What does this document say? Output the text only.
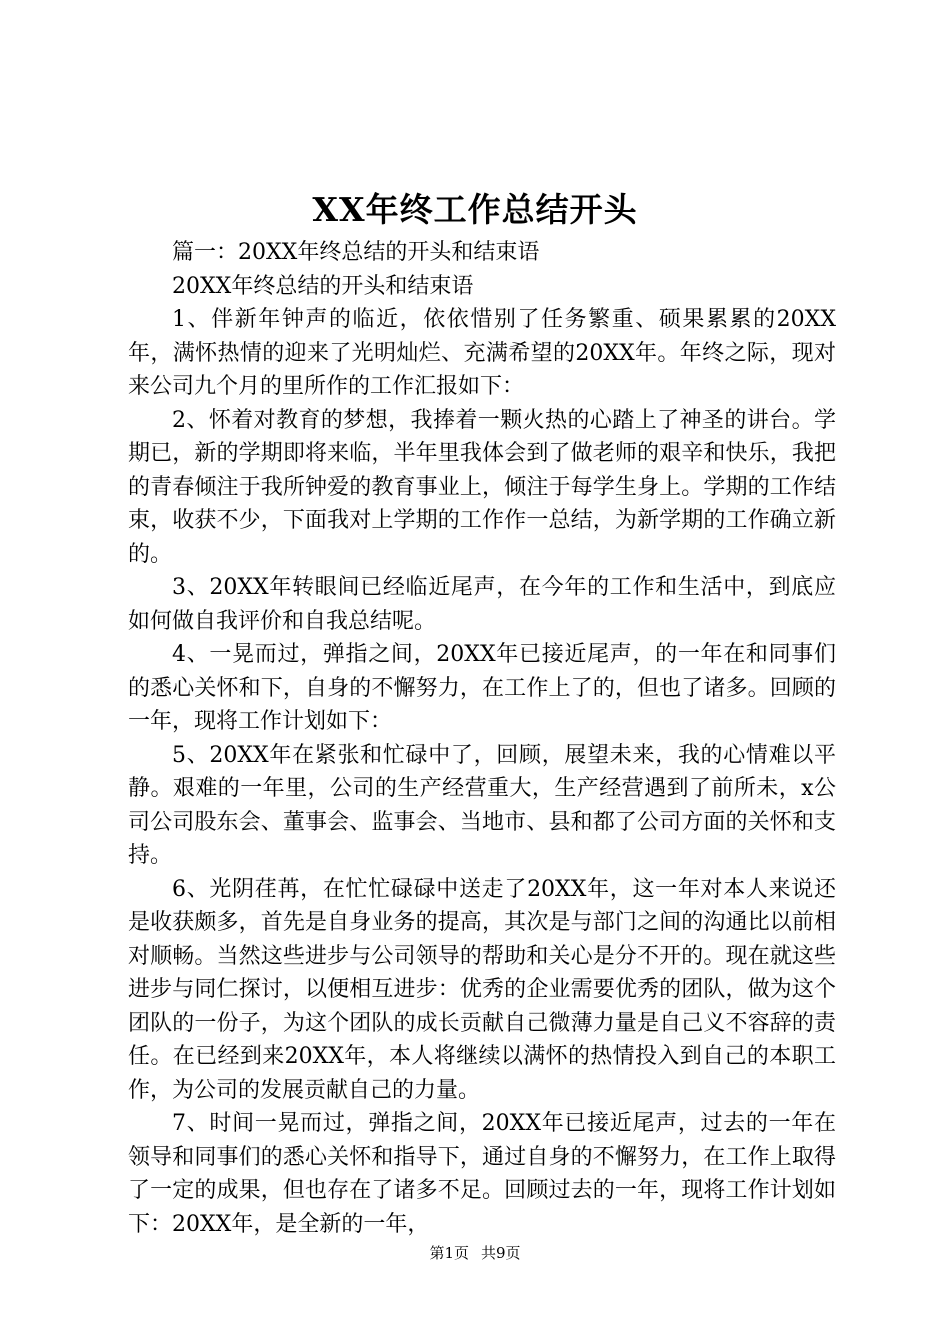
XX年终工作总结开头

篇一：20XX年终总结的开头和结束语

20XX年终总结的开头和结束语

1、伴新年钟声的临近，依依惜别了任务繁重、硕果累累的20XX年，满怀热情的迎来了光明灿烂、充满希望的20XX年。年终之际，现对来公司九个月的里所作的工作汇报如下：

2、怀着对教育的梦想，我捧着一颗火热的心踏上了神圣的讲台。学期已，新的学期即将来临，半年里我体会到了做老师的艰辛和快乐，我把的青春倾注于我所钟爱的教育事业上，倾注于每学生身上。学期的工作结束，收获不少，下面我对上学期的工作作一总结，为新学期的工作确立新的。

3、20XX年转眼间已经临近尾声，在今年的工作和生活中，到底应如何做自我评价和自我总结呢。

4、一晃而过，弹指之间，20XX年已接近尾声，的一年在和同事们的悉心关怀和下，自身的不懈努力，在工作上了的，但也了诸多。回顾的一年，现将工作计划如下：

5、20XX年在紧张和忙碌中了，回顾，展望未来，我的心情难以平静。艰难的一年里，公司的生产经营重大，生产经营遇到了前所未，x公司公司股东会、董事会、监事会、当地市、县和都了公司方面的关怀和支持。

6、光阴荏苒，在忙忙碌碌中送走了20XX年，这一年对本人来说还是收获颇多，首先是自身业务的提高，其次是与部门之间的沟通比以前相对顺畅。当然这些进步与公司领导的帮助和关心是分不开的。现在就这些进步与同仁探讨，以便相互进步：优秀的企业需要优秀的团队，做为这个团队的一份子，为这个团队的成长贡献自己微薄力量是自己义不容辞的责任。在已经到来20XX年，本人将继续以满怀的热情投入到自己的本职工作，为公司的发展贡献自己的力量。

7、时间一晃而过，弹指之间，20XX年已接近尾声，过去的一年在领导和同事们的悉心关怀和指导下，通过自身的不懈努力，在工作上取得了一定的成果，但也存在了诸多不足。回顾过去的一年，现将工作计划如下：20XX年，是全新的一年，

第1页 共9页
